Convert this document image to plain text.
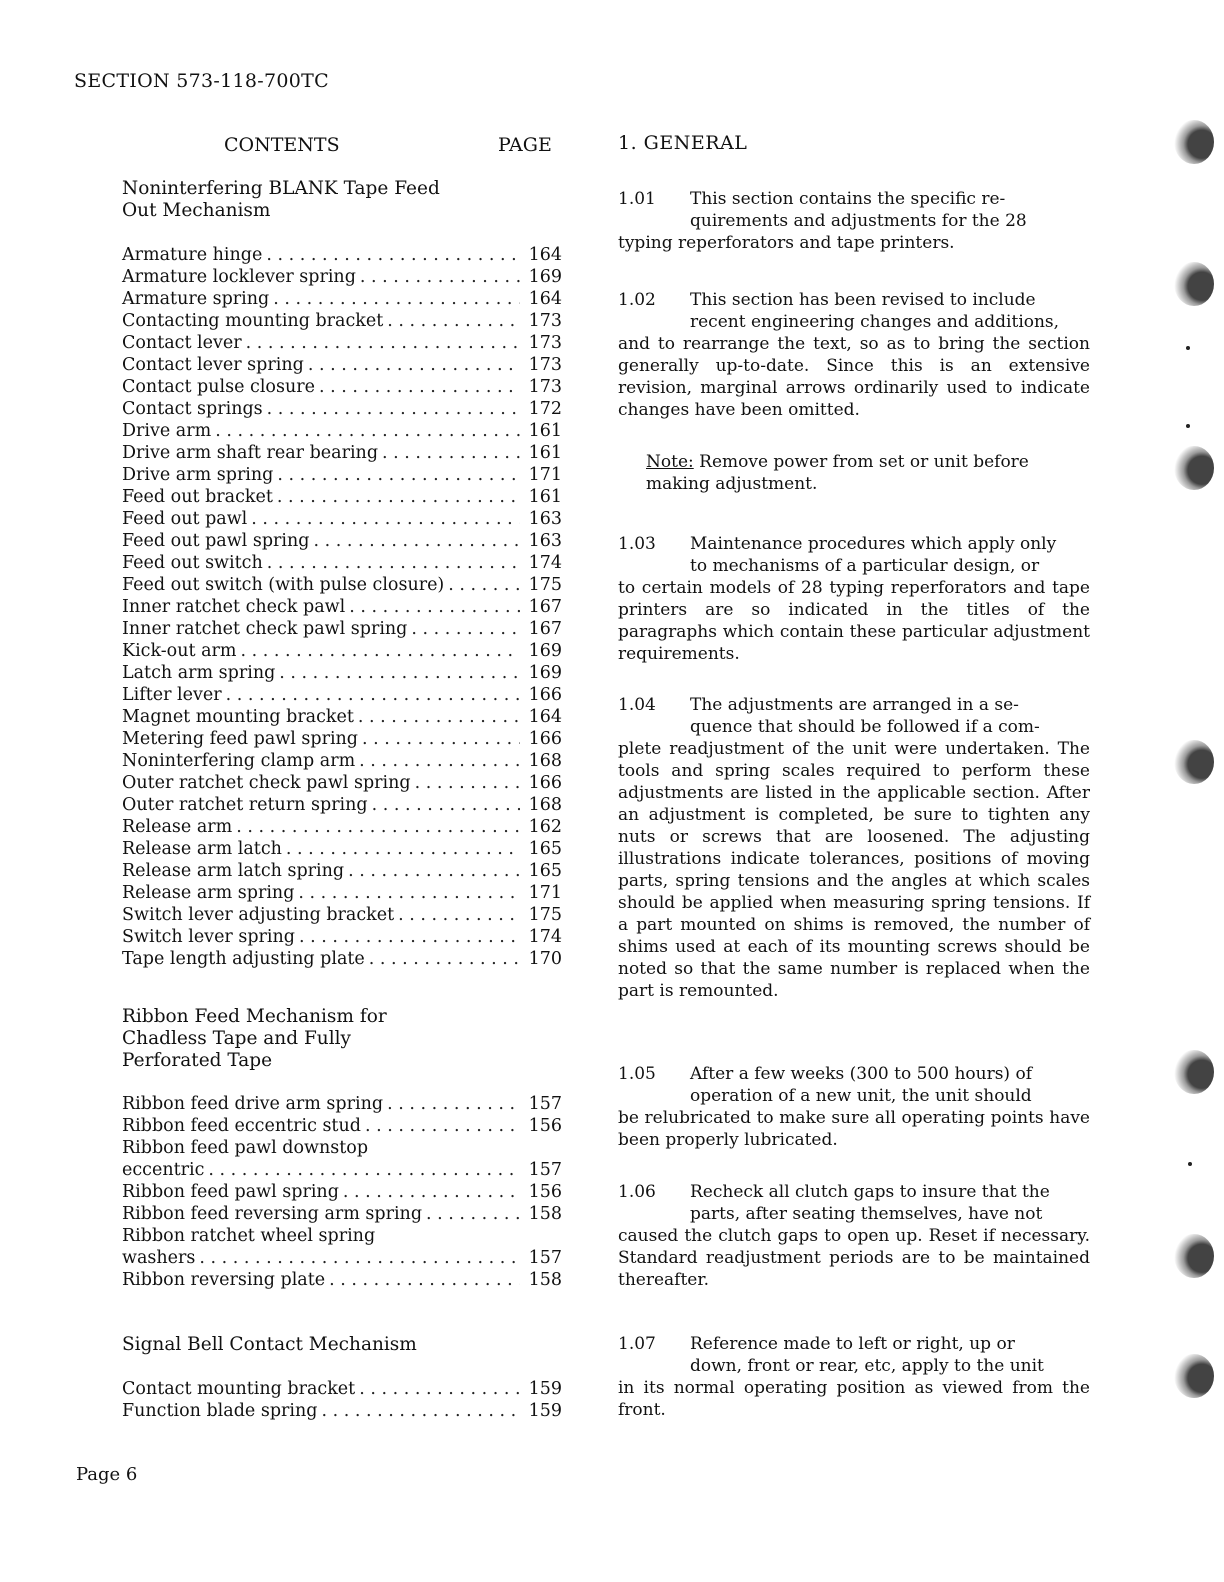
SECTION 573-118-700TC
CONTENTS	PAGE
Noninterfering BLANK Tape Feed
Out Mechanism
Armature hinge . . .	164
Armature locklever spring . . .	169
Armature spring . . .	164
Contacting mounting bracket . . .	173
Contact lever . . .	173
Contact lever spring . . .	173
Contact pulse closure . . .	173
Contact springs . . .	172
Drive arm . . .	161
Drive arm shaft rear bearing . . .	161
Drive arm spring . . .	171
Feed out bracket . . .	161
Feed out pawl . . .	163
Feed out pawl spring . . .	163
Feed out switch . . .	174
Feed out switch (with pulse closure) . . .	175
Inner ratchet check pawl . . .	167
Inner ratchet check pawl spring . . .	167
Kick-out arm . . .	169
Latch arm spring . . .	169
Lifter lever . . .	166
Magnet mounting bracket . . .	164
Metering feed pawl spring . . .	166
Noninterfering clamp arm . . .	168
Outer ratchet check pawl spring . . .	166
Outer ratchet return spring . . .	168
Release arm . . .	162
Release arm latch . . .	165
Release arm latch spring . . .	165
Release arm spring . . .	171
Switch lever adjusting bracket . . .	175
Switch lever spring . . .	174
Tape length adjusting plate . . .	170
Ribbon Feed Mechanism for
Chadless Tape and Fully
Perforated Tape
Ribbon feed drive arm spring . . .	157
Ribbon feed eccentric stud . . .	156
Ribbon feed pawl downstop
eccentric . . .	157
Ribbon feed pawl spring . . .	156
Ribbon feed reversing arm spring . . .	158
Ribbon ratchet wheel spring
washers . . .	157
Ribbon reversing plate . . .	158
Signal Bell Contact Mechanism
Contact mounting bracket . . .	159
Function blade spring . . .	159
1. GENERAL
1.01 This section contains the specific re-
quirements and adjustments for the 28
typing reperforators and tape printers.
1.02 This section has been revised to include
recent engineering changes and additions,
and to rearrange the text, so as to bring the section generally up-to-date. Since this is an extensive revision, marginal arrows ordinarily used to indicate changes have been omitted.
Note: Remove power from set or unit before making adjustment.
1.03 Maintenance procedures which apply only
to mechanisms of a particular design, or
to certain models of 28 typing reperforators and tape printers are so indicated in the titles of the paragraphs which contain these particular adjustment requirements.
1.04 The adjustments are arranged in a se-
quence that should be followed if a com-
plete readjustment of the unit were undertaken. The tools and spring scales required to perform these adjustments are listed in the applicable section. After an adjustment is completed, be sure to tighten any nuts or screws that are loosened. The adjusting illustrations indicate tolerances, positions of moving parts, spring tensions and the angles at which scales should be applied when measuring spring tensions. If a part mounted on shims is removed, the number of shims used at each of its mounting screws should be noted so that the same number is replaced when the part is remounted.
1.05 After a few weeks (300 to 500 hours) of
operation of a new unit, the unit should
be relubricated to make sure all operating points have been properly lubricated.
1.06 Recheck all clutch gaps to insure that the
parts, after seating themselves, have not
caused the clutch gaps to open up. Reset if necessary. Standard readjustment periods are to be maintained thereafter.
1.07 Reference made to left or right, up or
down, front or rear, etc, apply to the unit
in its normal operating position as viewed from the front.
Page 6
